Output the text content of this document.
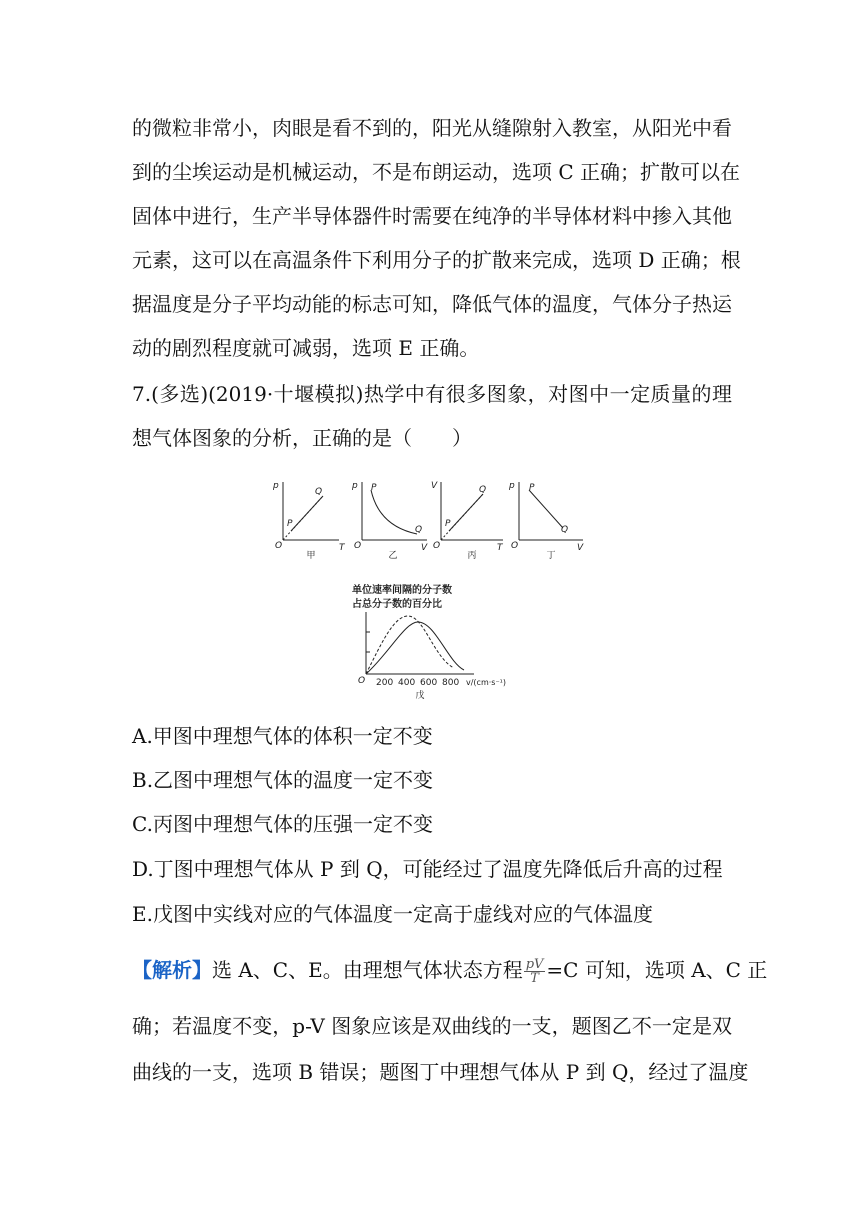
的微粒非常小，肉眼是看不到的，阳光从缝隙射入教室，从阳光中看
到的尘埃运动是机械运动，不是布朗运动，选项 C 正确；扩散可以在
固体中进行，生产半导体器件时需要在纯净的半导体材料中掺入其他
元素，这可以在高温条件下利用分子的扩散来完成，选项 D 正确；根
据温度是分子平均动能的标志可知，降低气体的温度，气体分子热运
动的剧烈程度就可减弱，选项 E 正确。
7.(多选)(2019·十堰模拟)热学中有很多图象，对图中一定质量的理
想气体图象的分析，正确的是（　　）
p
T
O
P
Q
p
V
O
P
Q
V
T
O
P
Q	p
V
O
P
Q
甲	乙	丙	丁
单位速率间隔的分子数
占总分子数的百分比
O 200 400 600 800 v/(cm·s⁻¹)
戊
A.甲图中理想气体的体积一定不变
B.乙图中理想气体的温度一定不变
C.丙图中理想气体的压强一定不变
D.丁图中理想气体从 P 到 Q，可能经过了温度先降低后升高的过程
E.戊图中实线对应的气体温度一定高于虚线对应的气体温度
【解析】选 A、C、E。由理想气体状态方程 $\frac{pV}{T} =C$ 可知，选项 A、C 正
确；若温度不变，p-V 图象应该是双曲线的一支，题图乙不一定是双
曲线的一支，选项 B 错误；题图丁中理想气体从 P 到 Q，经过了温度
